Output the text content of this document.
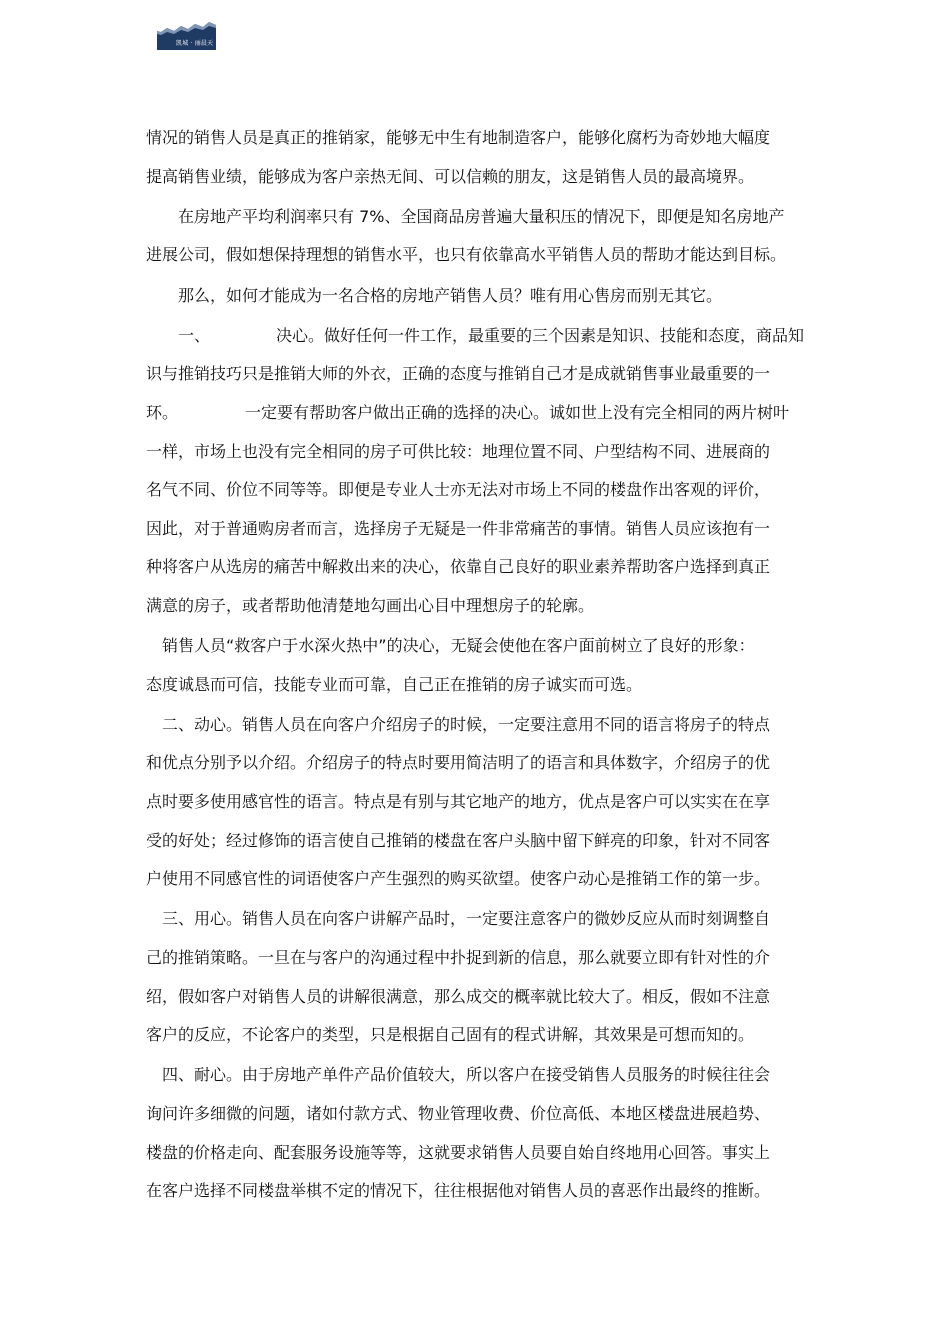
凯城 · 丽晨天
情况的销售人员是真正的推销家，能够无中生有地制造客户，能够化腐朽为奇妙地大幅度
提高销售业绩，能够成为客户亲热无间、可以信赖的朋友，这是销售人员的最高境界。
在房地产平均利润率只有 7%、全国商品房普遍大量积压的情况下，即便是知名房地产
进展公司，假如想保持理想的销售水平，也只有依靠高水平销售人员的帮助才能达到目标。
那么，如何才能成为一名合格的房地产销售人员？唯有用心售房而别无其它。
一、	决心。做好任何一件工作，最重要的三个因素是知识、技能和态度，商品知
识与推销技巧只是推销大师的外衣，正确的态度与推销自己才是成就销售事业最重要的一
环。	一定要有帮助客户做出正确的选择的决心。诚如世上没有完全相同的两片树叶
一样，市场上也没有完全相同的房子可供比较：地理位置不同、户型结构不同、进展商的
名气不同、价位不同等等。即便是专业人士亦无法对市场上不同的楼盘作出客观的评价，
因此，对于普通购房者而言，选择房子无疑是一件非常痛苦的事情。销售人员应该抱有一
种将客户从选房的痛苦中解救出来的决心，依靠自己良好的职业素养帮助客户选择到真正
满意的房子，或者帮助他清楚地勾画出心目中理想房子的轮廓。
销售人员“救客户于水深火热中”的决心，无疑会使他在客户面前树立了良好的形象：
态度诚恳而可信，技能专业而可靠，自己正在推销的房子诚实而可选。
二、动心。销售人员在向客户介绍房子的时候，一定要注意用不同的语言将房子的特点
和优点分别予以介绍。介绍房子的特点时要用简洁明了的语言和具体数字，介绍房子的优
点时要多使用感官性的语言。特点是有别与其它地产的地方，优点是客户可以实实在在享
受的好处；经过修饰的语言使自己推销的楼盘在客户头脑中留下鲜亮的印象，针对不同客
户使用不同感官性的词语使客户产生强烈的购买欲望。使客户动心是推销工作的第一步。
三、用心。销售人员在向客户讲解产品时，一定要注意客户的微妙反应从而时刻调整自
己的推销策略。一旦在与客户的沟通过程中扑捉到新的信息，那么就要立即有针对性的介
绍，假如客户对销售人员的讲解很满意，那么成交的概率就比较大了。相反，假如不注意
客户的反应，不论客户的类型，只是根据自己固有的程式讲解，其效果是可想而知的。
四、耐心。由于房地产单件产品价值较大，所以客户在接受销售人员服务的时候往往会
询问许多细微的问题，诸如付款方式、物业管理收费、价位高低、本地区楼盘进展趋势、
楼盘的价格走向、配套服务设施等等，这就要求销售人员要自始自终地用心回答。事实上
在客户选择不同楼盘举棋不定的情况下，往往根据他对销售人员的喜恶作出最终的推断。
